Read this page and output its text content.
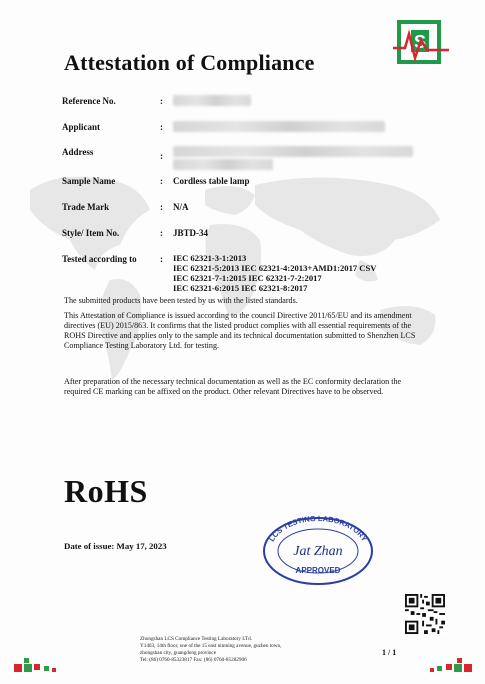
S
Attestation of Compliance
Reference No.	:
Applicant	:
Address	:
Sample Name	: Cordless table lamp
Trade Mark	: N/A
Style/ Item No.	: JBTD-34
Tested according to	: IEC 62321-3-1:2013
IEC 62321-5:2013 IEC 62321-4:2013+AMD1:2017 CSV
IEC 62321-7-1:2015 IEC 62321-7-2:2017
IEC 62321-6:2015 IEC 62321-8:2017
The submitted products have been tested by us with the listed standards.
This Attestation of Compliance is issued according to the council Directive 2011/65/EU and its amendment directives (EU) 2015/863. It confirms that the listed product complies with all essential requirements of the ROHS Directive and applies only to the sample and its technical documentation submitted to Shenzhen LCS Compliance Testing Laboratory Ltd. for testing.
After preparation of the necessary technical documentation as well as the EC conformity declaration the required CE marking can be affixed on the product. Other relevant Directives have to be observed.
RoHS
Date of issue: May 17, 2023
LCS TESTING LABORATORY
Jat Zhan
APPROVED
Zhongshan LCS Compliance Testing Laboratory LTd.
Y1403, 14th floor, one of the 15 east nimning avenue, guzhen town,
zhongshan city, guangdong province
Tel: (86) 0760-85323817 Fax: (86) 0760-85282906
1 / 1
